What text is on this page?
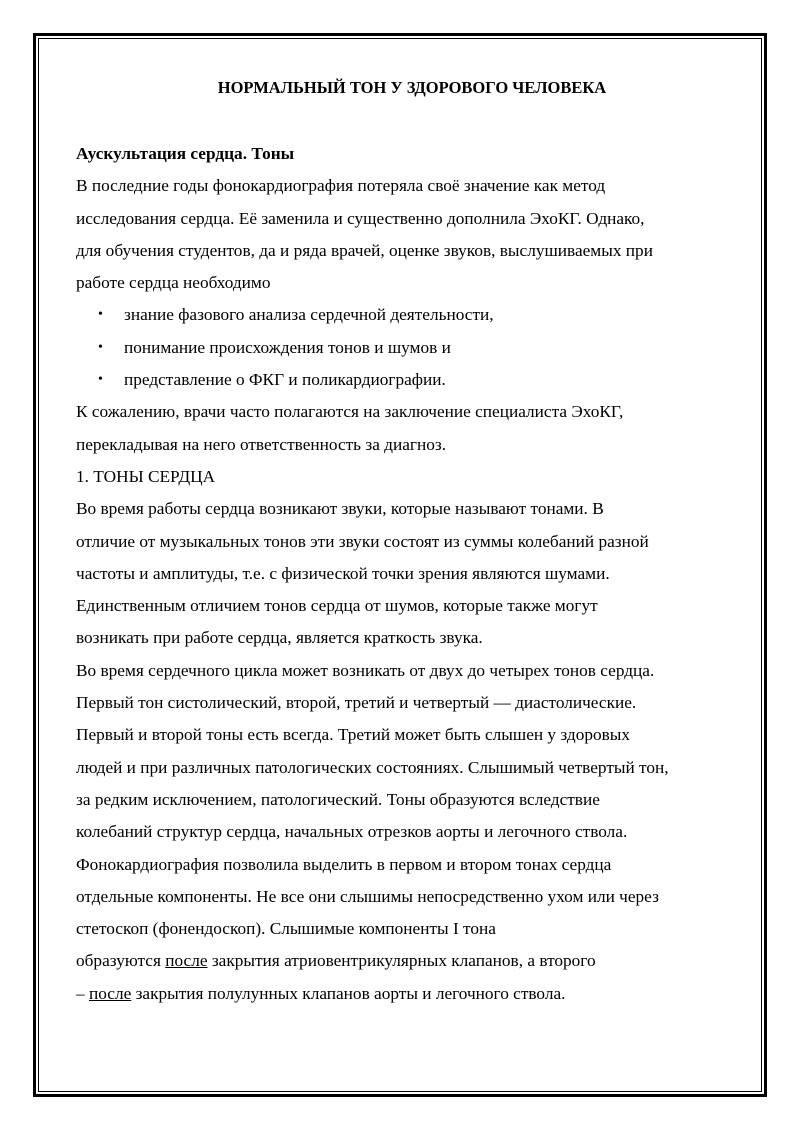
НОРМАЛЬНЫЙ ТОН У ЗДОРОВОГО ЧЕЛОВЕКА

Аускультация сердца. Тоны

В последние годы фонокардиография потеряла своё значение как метод
исследования сердца. Её заменила и существенно дополнила ЭхоКГ. Однако,
для обучения студентов, да и ряда врачей, оценке звуков, выслушиваемых при
работе сердца необходимо
• знание фазового анализа сердечной деятельности,
• понимание происхождения тонов и шумов и
• представление о ФКГ и поликардиографии.
К сожалению, врачи часто полагаются на заключение специалиста ЭхоКГ,
перекладывая на него ответственность за диагноз.

1. ТОНЫ СЕРДЦА

Во время работы сердца возникают звуки, которые называют тонами. В
отличие от музыкальных тонов эти звуки состоят из суммы колебаний разной
частоты и амплитуды, т.е. с физической точки зрения являются шумами.
Единственным отличием тонов сердца от шумов, которые также могут
возникать при работе сердца, является краткость звука.
Во время сердечного цикла может возникать от двух до четырех тонов сердца.
Первый тон систолический, второй, третий и четвертый — диастолические.
Первый и второй тоны есть всегда. Третий может быть слышен у здоровых
людей и при различных патологических состояниях. Слышимый четвертый тон,
за редким исключением, патологический. Тоны образуются вследствие
колебаний структур сердца, начальных отрезков аорты и легочного ствола.
Фонокардиография позволила выделить в первом и втором тонах сердца
отдельные компоненты. Не все они слышимы непосредственно ухом или через
стетоскоп (фонендоскоп). Слышимые компоненты I тона
образуются после закрытия атриовентрикулярных клапанов, а второго
– после закрытия полулунных клапанов аорты и легочного ствола.
